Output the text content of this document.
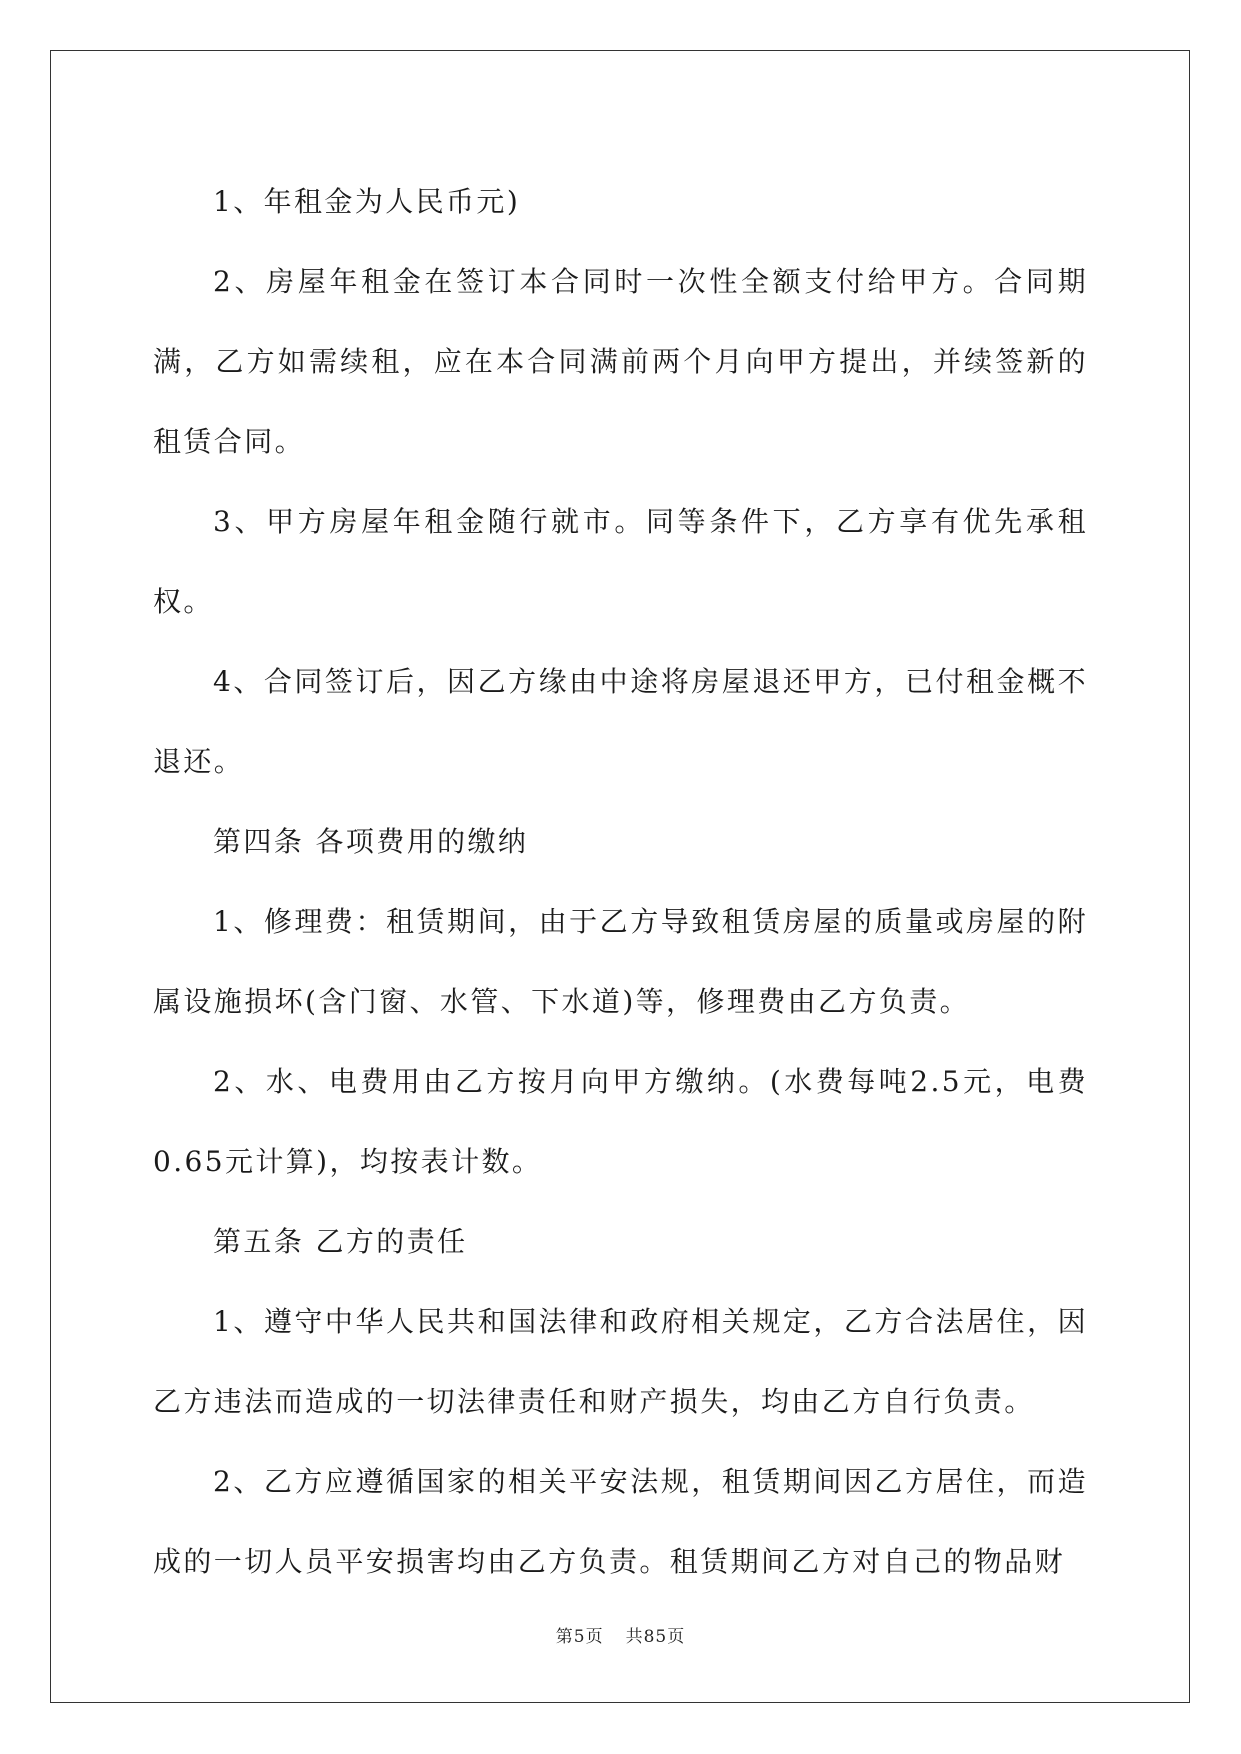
1、年租金为人民币元)

2、房屋年租金在签订本合同时一次性全额支付给甲方。合同期满，乙方如需续租，应在本合同满前两个月向甲方提出，并续签新的租赁合同。

3、甲方房屋年租金随行就市。同等条件下，乙方享有优先承租权。

4、合同签订后，因乙方缘由中途将房屋退还甲方，已付租金概不退还。

第四条 各项费用的缴纳

1、修理费：租赁期间，由于乙方导致租赁房屋的质量或房屋的附属设施损坏(含门窗、水管、下水道)等，修理费由乙方负责。

2、水、电费用由乙方按月向甲方缴纳。(水费每吨2.5元，电费0.65元计算)，均按表计数。

第五条 乙方的责任

1、遵守中华人民共和国法律和政府相关规定，乙方合法居住，因乙方违法而造成的一切法律责任和财产损失，均由乙方自行负责。

2、乙方应遵循国家的相关平安法规，租赁期间因乙方居住，而造成的一切人员平安损害均由乙方负责。租赁期间乙方对自己的物品财

第5页 共85页
